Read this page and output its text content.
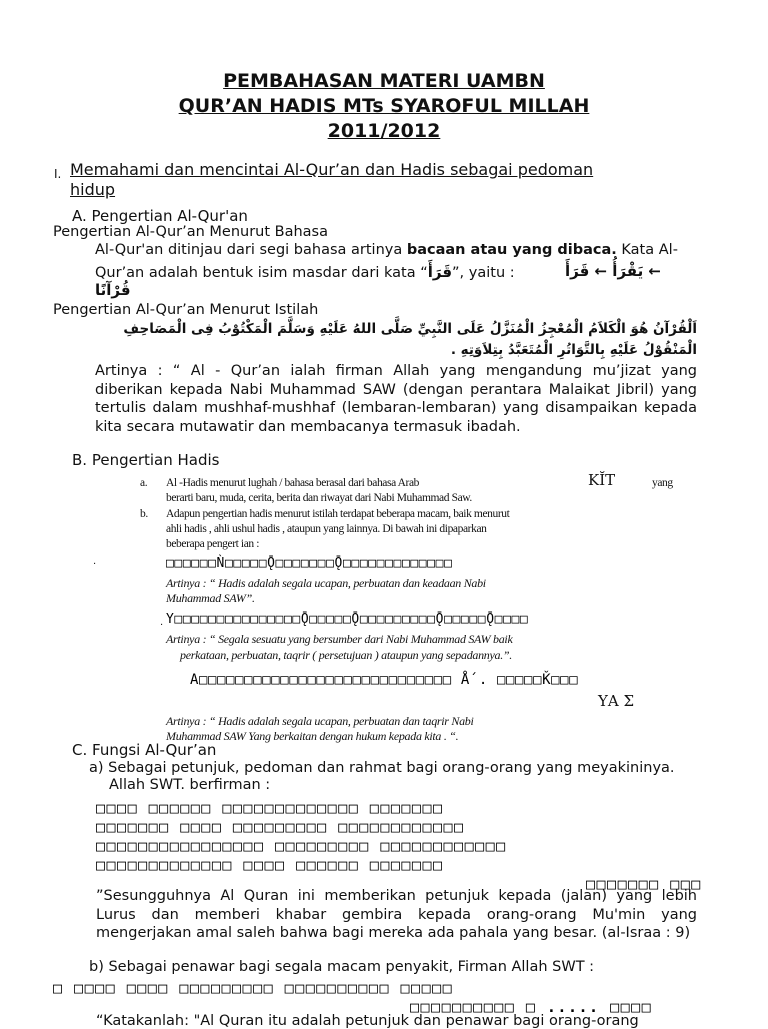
PEMBAHASAN MATERI UAMBN
QUR’AN HADIS MTs SYAROFUL MILLAH
2011/2012
I. Memahami dan mencintai Al-Qur’an dan Hadis sebagai pedoman
hidup
A. Pengertian Al-Qur'an
Pengertian Al-Qur’an Menurut Bahasa
Al-Qur'an ditinjau dari segi bahasa artinya bacaan atau yang dibaca. Kata Al-
Qur’an adalah bentuk isim masdar dari kata “قَرَأَ”, yaitu :	← يَقْرَأُ ← قَرَأَ
قُرْآنًا
Pengertian Al-Qur’an Menurut Istilah
اَلْقُرْآنُ هُوَ الْكَلاَمُ الْمُعْجِزُ الْمُنَزَّلُ عَلَى النَّبِيِّ صَلَّى اللهُ عَلَيْهِ وَسَلَّمَ الْمَكْتُوْبُ فِى الْمَصَاحِفِ
الْمَنْقُوْلُ عَلَيْهِ بِالتَّوَاتُرِ الْمُتَعَبَّدُ بِتِلاَوَتِهِ .
Artinya : “ Al - Qur’an ialah firman Allah yang mengandung mu’jizat yang diberikan kepada Nabi Muhammad SAW (dengan perantara Malaikat Jibril) yang tertulis dalam mushhaf-mushhaf (lembaran-lembaran) yang disampaikan kepada kita secara mutawatir dan membacanya termasuk ibadah.
B. Pengertian Hadis
a. Al -Hadis menurut lughah / bahasa berasal dari bahasa Arab	KĬT	yang
berarti baru, muda, cerita, berita dan riwayat dari Nabi Muhammad Saw.
b. Adapun pengertian hadis menurut istilah terdapat beberapa macam, baik menurut
ahli hadis , ahli ushul hadis , ataupun yang lainnya. Di bawah ini dipaparkan
beberapa pengert ian :
.	□□□□□□Ǹ□□□□□Ǭ□□□□□□□Ǭ□□□□□□□□□□□□□
Artinya : “ Hadis adalah segala ucapan, perbuatan dan keadaan Nabi
Muhammad SAW”.
. Ү□□□□□□□□□□□□□□□Ǭ□□□□□Ǭ□□□□□□□□□Ǭ□□□□□Ǭ□□□□
Artinya : “ Segala sesuatu yang bersumber dari Nabi Muhammad SAW baik
perkataan, perbuatan, taqrir ( persetujuan ) ataupun yang sepadannya.”.
A□□□□□□□□□□□□□□□□□□□□□□□□□□□□ Ǻ . □□□□□Ǩ□□□
ҮA Σ
Artinya : “ Hadis adalah segala ucapan, perbuatan dan taqrir Nabi
Muhammad SAW Yang berkaitan dengan hukum kepada kita . “.
C. Fungsi Al-Qur’an
a) Sebagai petunjuk, pedoman dan rahmat bagi orang-orang yang meyakininya.
Allah SWT. berfirman :
□□□□ □□□□□□ □□□□□□□□□□□□□ □□□□□□□
□□□□□□□ □□□□ □□□□□□□□□ □□□□□□□□□□□□
□□□□□□□□□□□□□□□□ □□□□□□□□□ □□□□□□□□□□□□
□□□□□□□□□□□□□ □□□□ □□□□□□ □□□□□□□
□□□□□□□ □□□
”Sesungguhnya Al Quran ini memberikan petunjuk kepada (jalan) yang lebih Lurus dan memberi khabar gembira kepada orang-orang Mu'min yang mengerjakan amal saleh bahwa bagi mereka ada pahala yang besar. (al-Israa : 9)
b) Sebagai penawar bagi segala macam penyakit, Firman Allah SWT :
□ □□□□ □□□□ □□□□□□□□□ □□□□□□□□□□ □□□□□
□□□□□□□□□□ □ ..... □□□□
“Katakanlah: "Al Quran itu adalah petunjuk dan penawar bagi orang-orang
